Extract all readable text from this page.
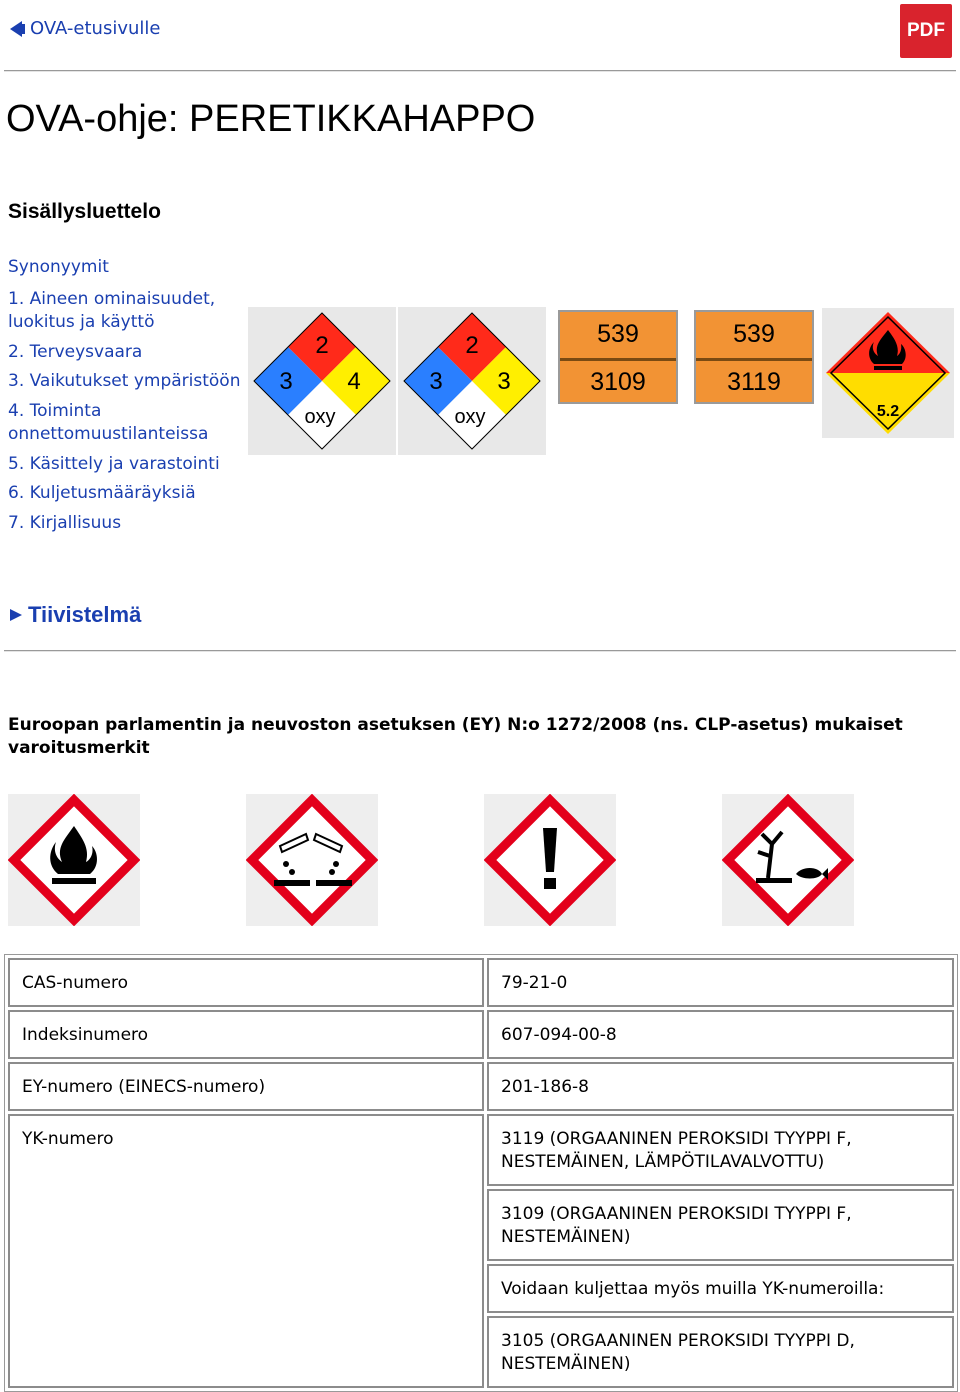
OVA-etusivulle	PDF
OVA-ohje: PERETIKKAHAPPO
Sisällysluettelo
Synonyymit
1. Aineen ominaisuudet, luokitus ja käyttö
2. Terveysvaara
3. Vaikutukset ympäristöön
4. Toiminta onnettomuustilanteissa
5. Käsittely ja varastointi
6. Kuljetusmääräyksiä
7. Kirjallisuus
2
3 4
oxy
2
3 3
oxy
539
3109
539
3119
5.2
Tiivistelmä
Euroopan parlamentin ja neuvoston asetuksen (EY) N:o 1272/2008 (ns. CLP-asetus) mukaiset varoitusmerkit
CAS-numero	79-21-0
Indeksinumero	607-094-00-8
EY-numero (EINECS-numero)	201-186-8
YK-numero	3119 (ORGAANINEN PEROKSIDI TYYPPI F, NESTEMÄINEN, LÄMPÖTILAVALVOTTU)
	3109 (ORGAANINEN PEROKSIDI TYYPPI F, NESTEMÄINEN)
	Voidaan kuljettaa myös muilla YK-numeroilla:
	3105 (ORGAANINEN PEROKSIDI TYYPPI D, NESTEMÄINEN)
